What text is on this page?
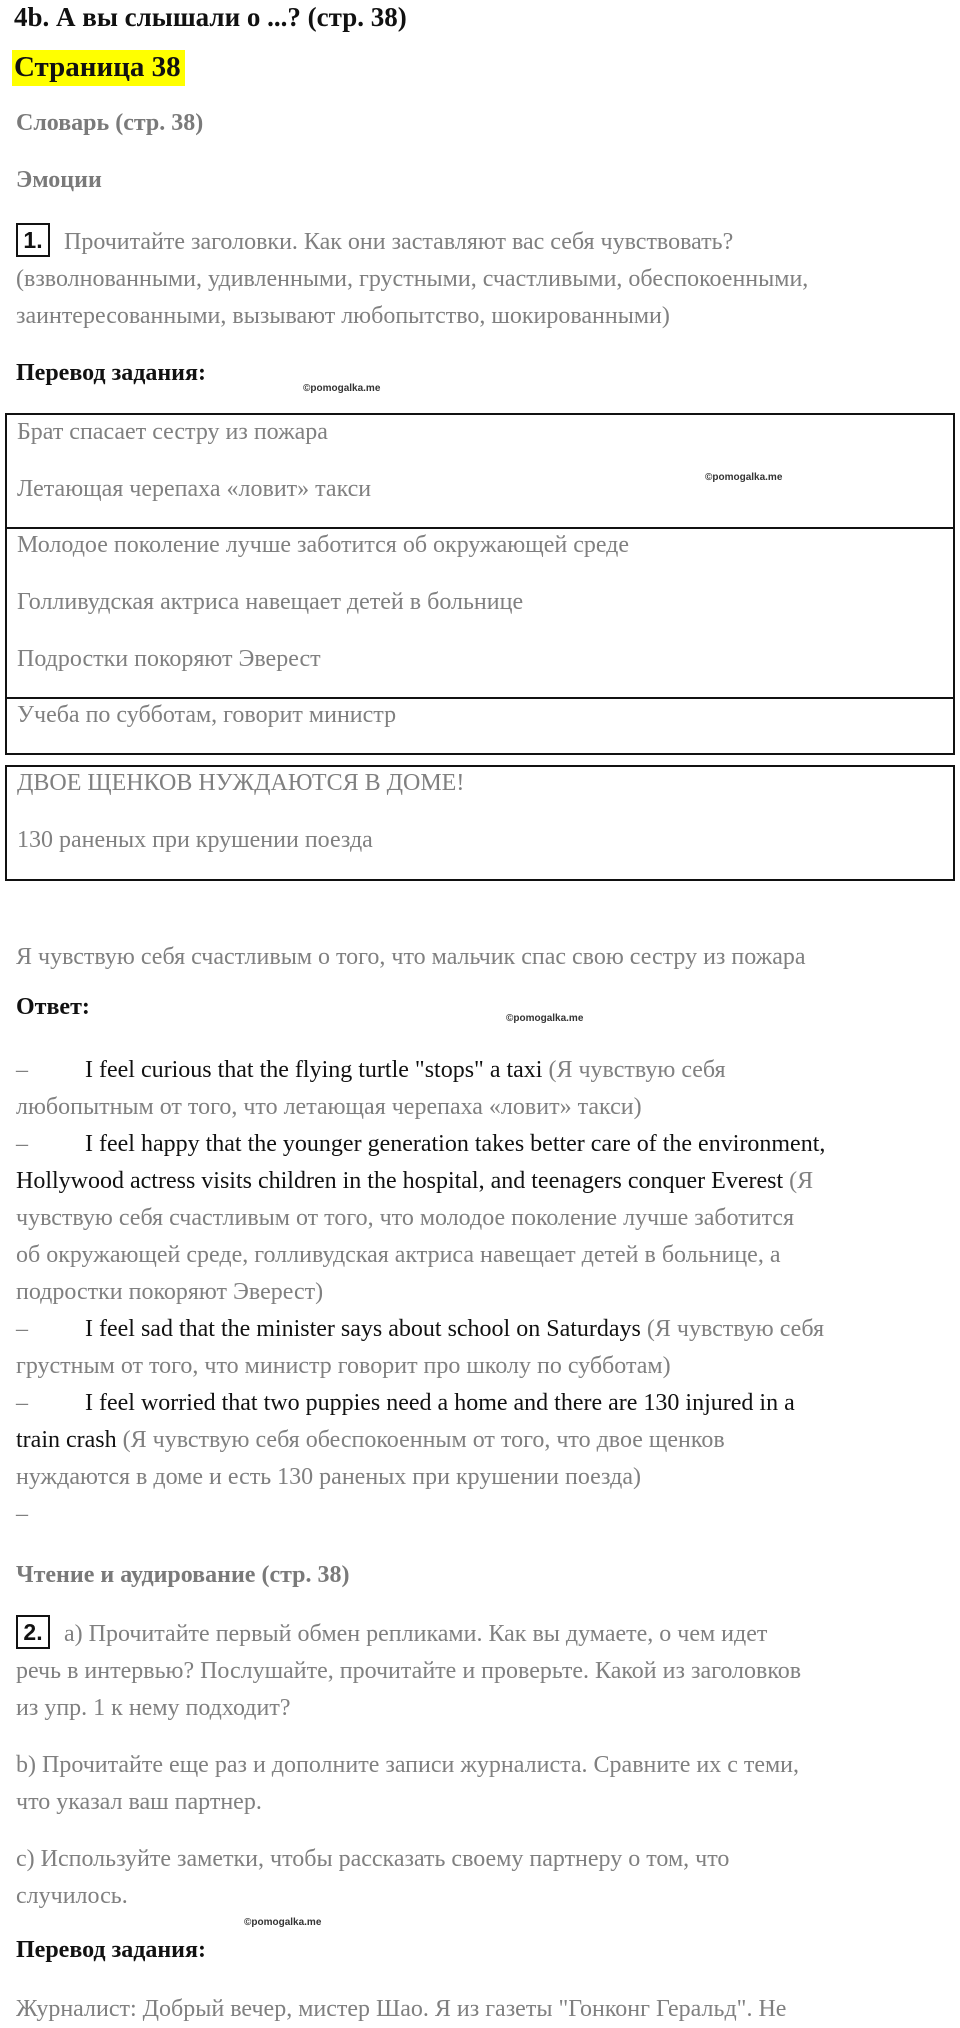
4b. А вы слышали о ...? (стр. 38)
Страница 38
Словарь (стр. 38)
Эмоции
1. Прочитайте заголовки. Как они заставляют вас себя чувствовать?
(взволнованными, удивленными, грустными, счастливыми, обеспокоенными,
заинтересованными, вызывают любопытство, шокированными)
Перевод задания:
©pomogalka.me
Брат спасает сестру из пожара
Летающая черепаха «ловит» такси	©pomogalka.me
Молодое поколение лучше заботится об окружающей среде
Голливудская актриса навещает детей в больнице
Подростки покоряют Эверест
Учеба по субботам, говорит министр
ДВОЕ ЩЕНКОВ НУЖДАЮТСЯ В ДОМЕ!
130 раненых при крушении поезда
Я чувствую себя счастливым о того, что мальчик спас свою сестру из пожара
Ответ:	©pomogalka.me
– I feel curious that the flying turtle "stops" a taxi (Я чувствую себя
любопытным от того, что летающая черепаха «ловит» такси)
– I feel happy that the younger generation takes better care of the environment,
Hollywood actress visits children in the hospital, and teenagers conquer Everest (Я
чувствую себя счастливым от того, что молодое поколение лучше заботится
об окружающей среде, голливудская актриса навещает детей в больнице, а
подростки покоряют Эверест)
– I feel sad that the minister says about school on Saturdays (Я чувствую себя
грустным от того, что министр говорит про школу по субботам)
– I feel worried that two puppies need a home and there are 130 injured in a
train crash (Я чувствую себя обеспокоенным от того, что двое щенков
нуждаются в доме и есть 130 раненых при крушении поезда)
–
Чтение и аудирование (стр. 38)
2. a) Прочитайте первый обмен репликами. Как вы думаете, о чем идет
речь в интервью? Послушайте, прочитайте и проверьте. Какой из заголовков
из упр. 1 к нему подходит?
b) Прочитайте еще раз и дополните записи журналиста. Сравните их с теми,
что указал ваш партнер.
c) Используйте заметки, чтобы рассказать своему партнеру о том, что
случилось.
©pomogalka.me
Перевод задания:
Журналист: Добрый вечер, мистер Шао. Я из газеты "Гонконг Геральд". Не
